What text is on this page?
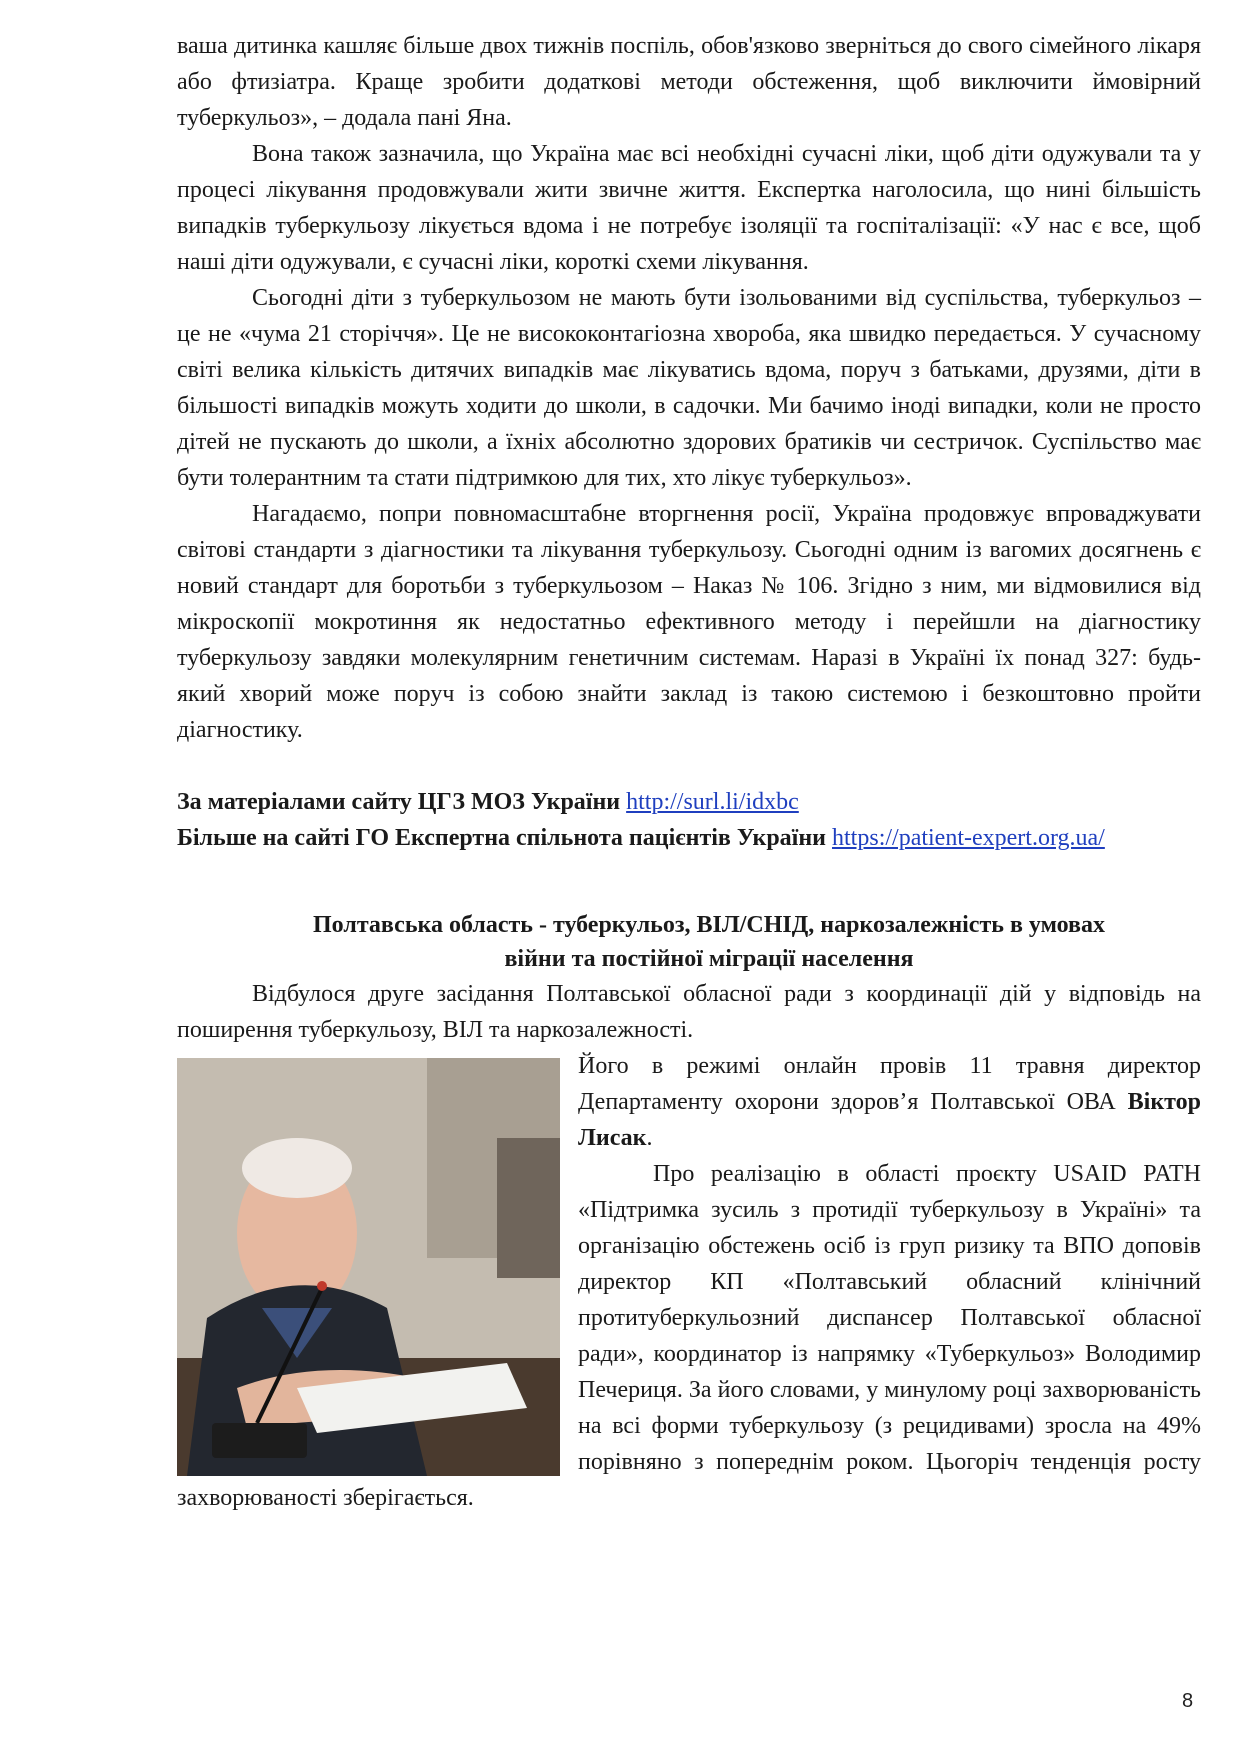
ваша дитинка кашляє більше двох тижнів поспіль, обов'язково зверніться до свого сімейного лікаря або фтизіатра. Краще зробити додаткові методи обстеження, щоб виключити ймовірний туберкульоз», – додала пані Яна.

Вона також зазначила, що Україна має всі необхідні сучасні ліки, щоб діти одужували та у процесі лікування продовжували жити звичне життя. Експертка наголосила, що нині більшість випадків туберкульозу лікується вдома і не потребує ізоляції та госпіталізації: «У нас є все, щоб наші діти одужували, є сучасні ліки, короткі схеми лікування.

Сьогодні діти з туберкульозом не мають бути ізольованими від суспільства, туберкульоз – це не «чума 21 сторіччя». Це не висококонтагіозна хвороба, яка швидко передається. У сучасному світі велика кількість дитячих випадків має лікуватись вдома, поруч з батьками, друзями, діти в більшості випадків можуть ходити до школи, в садочки. Ми бачимо іноді випадки, коли не просто дітей не пускають до школи, а їхніх абсолютно здорових братиків чи сестричок. Суспільство має бути толерантним та стати підтримкою для тих, хто лікує туберкульоз».

Нагадаємо, попри повномасштабне вторгнення росії, Україна продовжує впроваджувати світові стандарти з діагностики та лікування туберкульозу. Сьогодні одним із вагомих досягнень є новий стандарт для боротьби з туберкульозом – Наказ № 106. Згідно з ним, ми відмовилися від мікроскопії мокротиння як недостатньо ефективного методу і перейшли на діагностику туберкульозу завдяки молекулярним генетичним системам. Наразі в Україні їх понад 327: будь-який хворий може поруч із собою знайти заклад із такою системою і безкоштовно пройти діагностику.

За матеріалами сайту ЦГЗ МОЗ України http://surl.li/idxbc

Більше на сайті ГО Експертна спільнота пацієнтів України https://patient-expert.org.ua/

Полтавська область - туберкульоз, ВІЛ/СНІД, наркозалежність в умовах
війни та постійної міграції населення

Відбулося друге засідання Полтавської обласної ради з координації дій у відповідь на поширення туберкульозу, ВІЛ та наркозалежності.

Його в режимі онлайн провів 11 травня директор Департаменту охорони здоров’я Полтавської ОВА Віктор Лисак.

Про реалізацію в області проєкту USAID PATH «Підтримка зусиль з протидії туберкульозу в Україні» та організацію обстежень осіб із груп ризику та ВПО доповів директор КП «Полтавський обласний клінічний протитуберкульозний диспансер Полтавської обласної ради», координатор із напрямку «Туберкульоз» Володимир Печериця. За його словами, у минулому році захворюваність на всі форми туберкульозу (з рецидивами) зросла на 49% порівняно з попереднім роком. Цьогоріч тенденція росту захворюваності зберігається.

8
